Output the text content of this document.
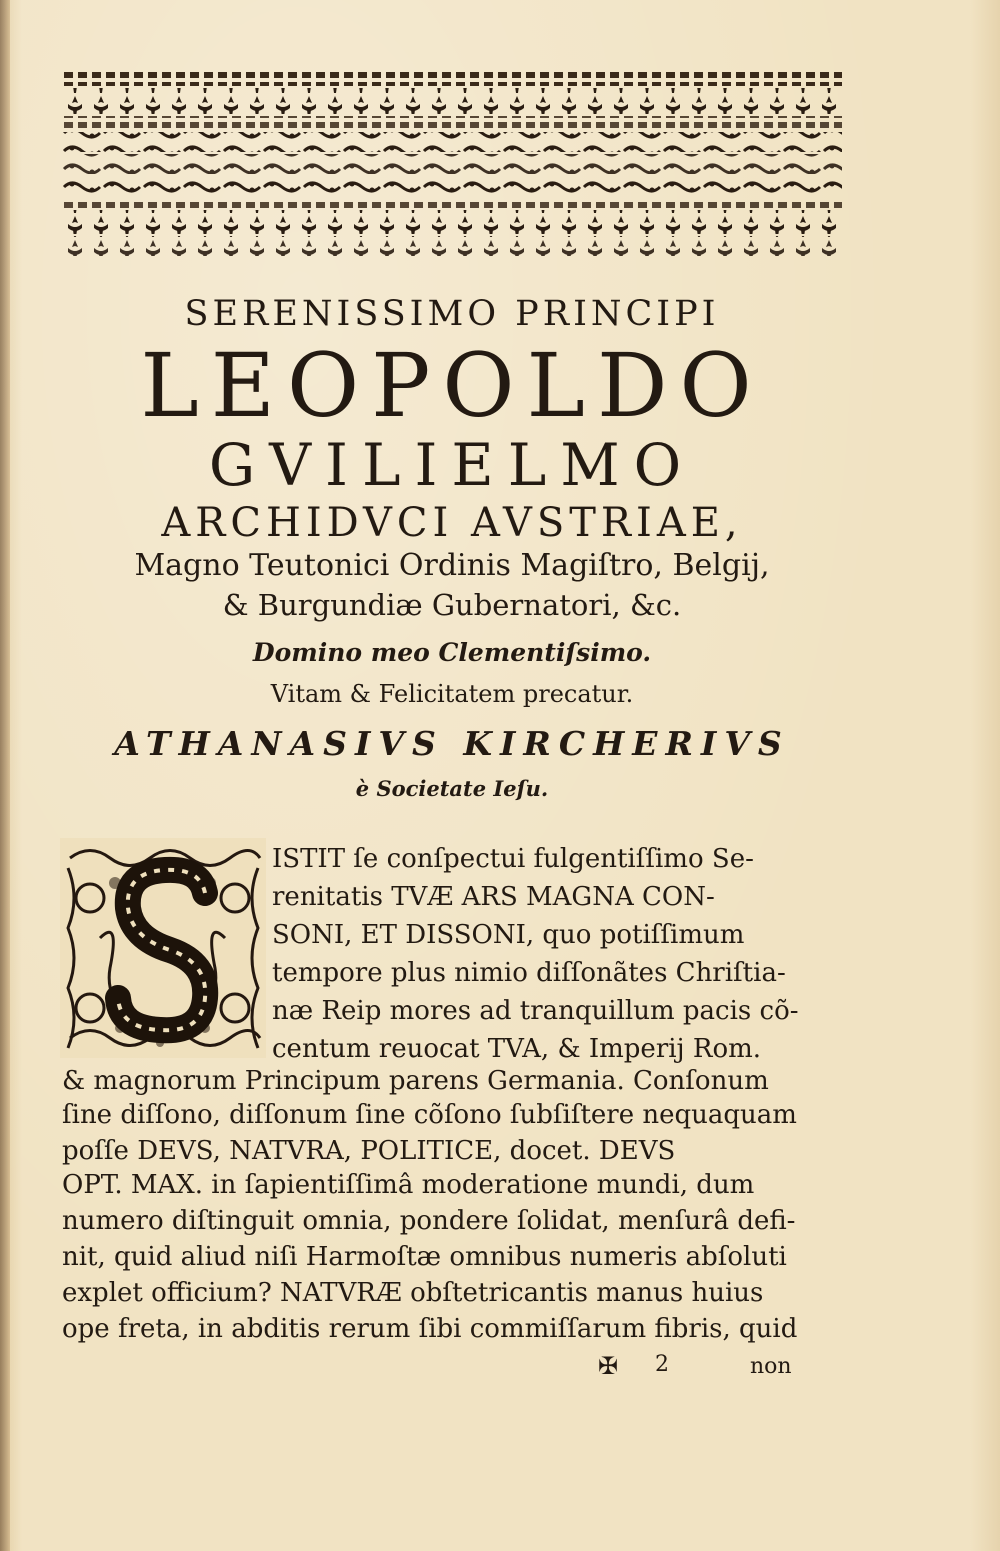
SERENISSIMO PRINCIPI
LEOPOLDO
GVILIELMO
ARCHIDVCI AVSTRIAE,
Magno Teutonici Ordinis Magiſtro, Belgij,
& Burgundiæ Gubernatori, &c.
Domino meo Clementiſsimo.
Vitam & Felicitatem precatur.
ATHANASIVS KIRCHERIVS
è Societate Ieſu.
ISTIT ſe conſpectui fulgentiſſimo Se-
renitatis TVÆ ARS MAGNA CON-
SONI, ET DISSONI, quo potiſſimum
tempore plus nimio diſſonãtes Chriſtia-
næ Reip mores ad tranquillum pacis cõ-
centum reuocat TVA, & Imperij Rom.
& magnorum Principum parens Germania. Conſonum
ſine diſſono, diſſonum ſine cõſono ſubſiſtere nequaquam
poſſe DEVS, NATVRA, POLITICE, docet. DEVS
OPT. MAX. in ſapientiſſimâ moderatione mundi, dum
numero diſtinguit omnia, pondere ſolidat, menſurâ defi-
nit, quid aliud niſi Harmoſtæ omnibus numeris abſoluti
explet officium? NATVRÆ obſtetricantis manus huius
ope freta, in abditis rerum ſibi commiſſarum fibris, quid
✠ 2	non
